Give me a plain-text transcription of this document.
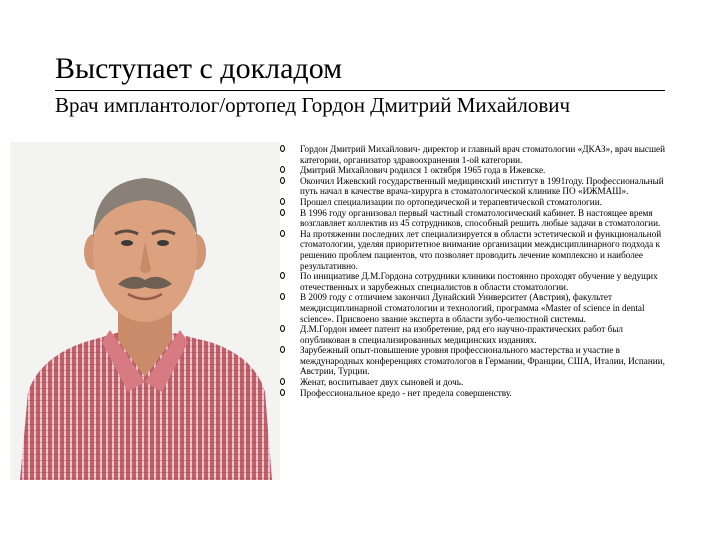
Выступает с докладом
Врач имплантолог/ортопед Гордон Дмитрий Михайлович
Гордон Дмитрий Михайлович- директор и главный врач стоматологии «ДКАЗ», врач высшей категории, организатор здравоохранения 1-ой категории.
Дмитрий Михайлович родился 1 октября 1965 года в Ижевске.
Окончил Ижевский государственный медицинский институт в 1991году. Профессиональный путь начал в качестве врача-хирурга в стоматологической клинике ПО «ИЖМАШ».
Прошел специализации по ортопедической и терапевтической стоматологии.
В 1996 году организовал первый частный стоматологический кабинет. В настоящее время возглавляет коллектив из 45 сотрудников, способный решить любые задачи в стоматологии.
На протяжении последних лет специализируется в области эстетической и функциональной стоматологии, уделяя приоритетное внимание организации междисциплинарного подхода к решению проблем пациентов, что позволяет проводить лечение комплексно и наиболее результативно.
По инициативе Д.М.Гордона сотрудники клиники постоянно проходят обучение у ведущих отечественных и зарубежных специалистов в области стоматологии.
В 2009 году с отличием закончил Дунайский Университет (Австрия), факультет междисциплинарной стоматологии и технологий, программа «Master of science in dental science». Присвоено звание эксперта в области зубо-челюстной системы.
Д.М.Гордон имеет патент на изобретение, ряд его научно-практических работ был опубликован в специализированных медицинских изданиях.
Зарубежный опыт-повышение уровня профессионального мастерства и участие в международных конференциях стоматологов в Германии, Франции, США, Италии, Испании, Австрии, Турции.
Женат, воспитывает двух сыновей и дочь.
Профессиональное кредо - нет предела совершенству.
